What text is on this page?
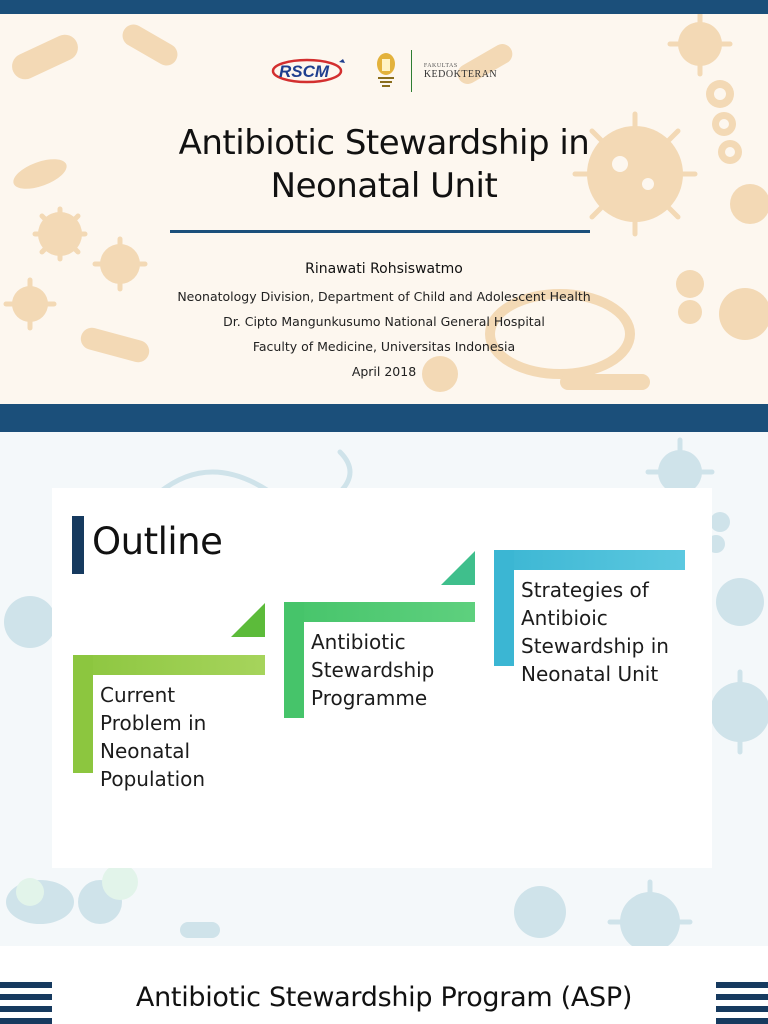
RSCM	FAKULTAS
KEDOKTERAN
Antibiotic Stewardship in
Neonatal Unit
Rinawati Rohsiswatmo
Neonatology Division, Department of Child and Adolescent Health
Dr. Cipto Mangunkusumo National General Hospital
Faculty of Medicine, Universitas Indonesia
April 2018
Outline
Current
Problem in
Neonatal
Population
Antibiotic
Stewardship
Programme
Strategies of
Antibioic
Stewardship in
Neonatal Unit
Antibiotic Stewardship Program (ASP)
